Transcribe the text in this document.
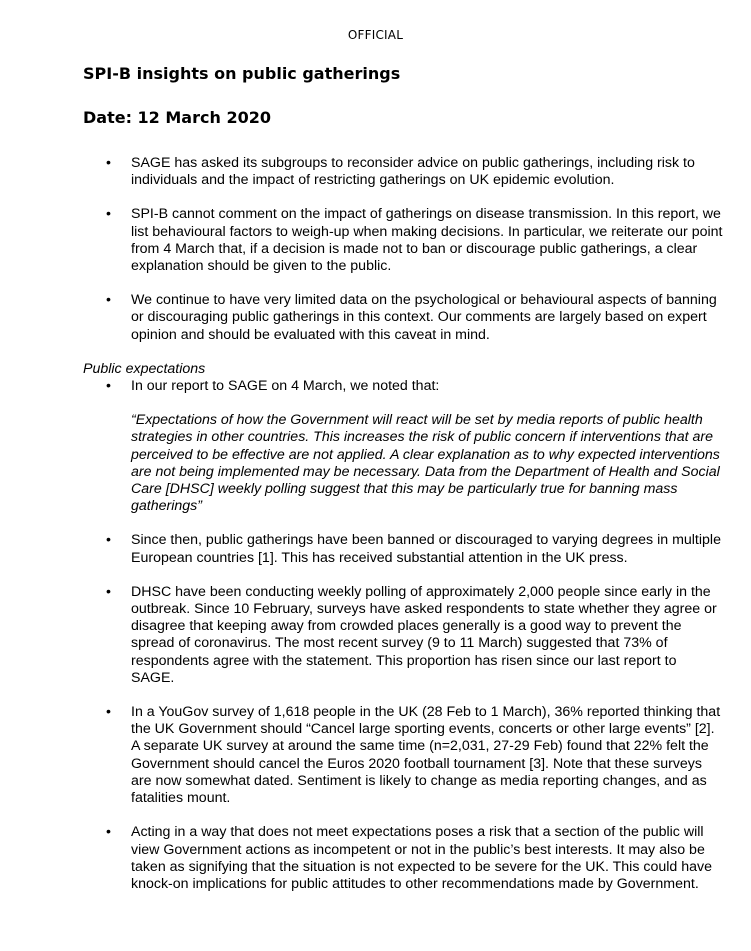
OFFICIAL
SPI-B insights on public gatherings
Date: 12 March 2020
• SAGE has asked its subgroups to reconsider advice on public gatherings, including risk to individuals and the impact of restricting gatherings on UK epidemic evolution.
• SPI-B cannot comment on the impact of gatherings on disease transmission. In this report, we list behavioural factors to weigh-up when making decisions. In particular, we reiterate our point from 4 March that, if a decision is made not to ban or discourage public gatherings, a clear explanation should be given to the public.
• We continue to have very limited data on the psychological or behavioural aspects of banning or discouraging public gatherings in this context. Our comments are largely based on expert opinion and should be evaluated with this caveat in mind.
Public expectations
• In our report to SAGE on 4 March, we noted that:
“Expectations of how the Government will react will be set by media reports of public health strategies in other countries. This increases the risk of public concern if interventions that are perceived to be effective are not applied. A clear explanation as to why expected interventions are not being implemented may be necessary. Data from the Department of Health and Social Care [DHSC] weekly polling suggest that this may be particularly true for banning mass gatherings”
• Since then, public gatherings have been banned or discouraged to varying degrees in multiple European countries [1]. This has received substantial attention in the UK press.
• DHSC have been conducting weekly polling of approximately 2,000 people since early in the outbreak. Since 10 February, surveys have asked respondents to state whether they agree or disagree that keeping away from crowded places generally is a good way to prevent the spread of coronavirus. The most recent survey (9 to 11 March) suggested that 73% of respondents agree with the statement. This proportion has risen since our last report to SAGE.
• In a YouGov survey of 1,618 people in the UK (28 Feb to 1 March), 36% reported thinking that the UK Government should “Cancel large sporting events, concerts or other large events” [2]. A separate UK survey at around the same time (n=2,031, 27-29 Feb) found that 22% felt the Government should cancel the Euros 2020 football tournament [3]. Note that these surveys are now somewhat dated. Sentiment is likely to change as media reporting changes, and as fatalities mount.
• Acting in a way that does not meet expectations poses a risk that a section of the public will view Government actions as incompetent or not in the public’s best interests. It may also be taken as signifying that the situation is not expected to be severe for the UK. This could have knock-on implications for public attitudes to other recommendations made by Government.
